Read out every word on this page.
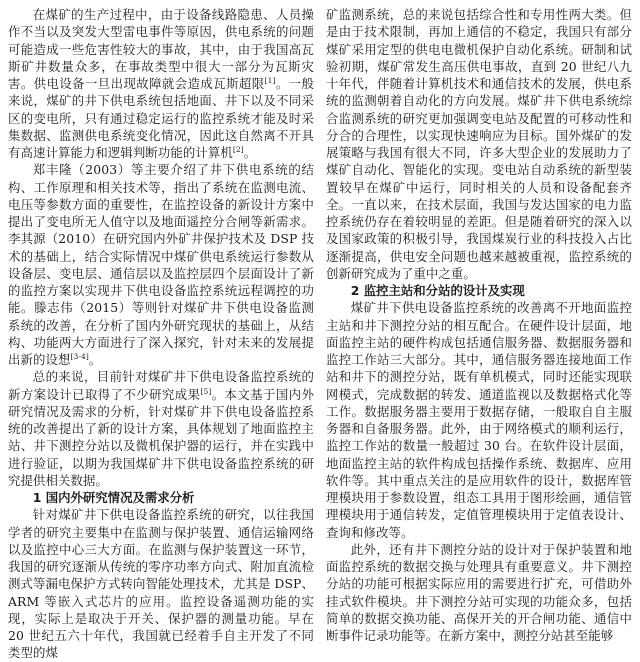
在煤矿的生产过程中，由于设备线路隐患、人员操作不当以及突发大型雷电事件等原因，供电系统的问题可能造成一些危害性较大的事故，其中，由于我国高瓦斯矿井数量众多，在事故类型中很大一部分为瓦斯灾害。供电设备一旦出现故障就会造成瓦斯超限[1]。一般来说，煤矿的井下供电系统包括地面、井下以及不同采区的变电所，只有通过稳定运行的监控系统才能及时采集数据、监测供电系统变化情况，因此这自然离不开具有高速计算能力和逻辑判断功能的计算机[2]。

郑丰隆（2003）等主要介绍了井下供电系统的结构、工作原理和相关技术等，指出了系统在监测电流、电压等参数方面的重要性，在监控设备的新设计方案中提出了变电所无人值守以及地面遥控分合闸等新需求。李其源（2010）在研究国内外矿井保护技术及 DSP 技术的基础上，结合实际情况中煤矿供电系统运行参数从设备层、变电层、通信层以及监控层四个层面设计了新的监控方案以实现井下供电设备监控系统远程调控的功能。滕志伟（2015）等则针对煤矿井下供电设备监测系统的改善，在分析了国内外研究现状的基础上，从结构、功能两大方面进行了深入探究，针对未来的发展提出新的设想[3-4]。

总的来说，目前针对煤矿井下供电设备监控系统的新方案设计已取得了不少研究成果[5]。本文基于国内外研究情况及需求的分析，针对煤矿井下供电设备监控系统的改善提出了新的设计方案，具体规划了地面监控主站、井下测控分站以及微机保护器的运行，并在实践中进行验证，以期为我国煤矿井下供电设备监控系统的研究提供相关数据。

1 国内外研究情况及需求分析

针对煤矿井下供电设备监控系统的研究，以往我国学者的研究主要集中在监测与保护装置、通信运输网络以及监控中心三大方面。在监测与保护装置这一环节，我国的研究逐渐从传统的零序功率方向式、附加直流检测式等漏电保护方式转向智能处理技术，尤其是 DSP、ARM 等嵌入式芯片的应用。监控设备遥测功能的实现，实际上是取决于开关、保护器的测量功能。早在 20 世纪五六十年代，我国就已经着手自主开发了不同类型的煤

矿监测系统，总的来说包括综合性和专用性两大类。但是由于技术限制，再加上通信的不稳定，我国只有部分煤矿采用定型的供电电微机保护自动化系统。研制和试验初期，煤矿常发生高压供电事故，直到 20 世纪八九十年代，伴随着计算机技术和通信技术的发展，供电系统的监测朝着自动化的方向发展。煤矿井下供电系统综合监测系统的研究更加强调变电站及配置的可移动性和分合的合理性，以实现快速响应为目标。国外煤矿的发展策略与我国有很大不同，许多大型企业的发展助力了煤矿自动化、智能化的实现。变电站自动系统的新型装置较早在煤矿中运行，同时相关的人员和设备配套齐全。一直以来，在技术层面，我国与发达国家的电力监控系统仍存在着较明显的差距。但是随着研究的深入以及国家政策的积极引导，我国煤炭行业的科技投入占比逐渐提高，供电安全问题也越来越被重视，监控系统的创新研究成为了重中之重。

2 监控主站和分站的设计及实现

煤矿井下供电设备监控系统的改善离不开地面监控主站和井下测控分站的相互配合。在硬件设计层面，地面监控主站的硬件构成包括通信服务器、数据服务器和监控工作站三大部分。其中，通信服务器连接地面工作站和井下的测控分站，既有单机模式，同时还能实现联网模式，完成数据的转发、通道监视以及数据格式化等工作。数据服务器主要用于数据存储，一般取自自主服务器和自备服务器。此外，由于网络模式的顺利运行，监控工作站的数量一般超过 30 台。在软件设计层面，地面监控主站的软件构成包括操作系统、数据库、应用软件等。其中重点关注的是应用软件的设计，数据库管理模块用于参数设置，组态工具用于图形绘画，通信管理模块用于通信转发，定值管理模块用于定值表设计、查询和修改等。

此外，还有井下测控分站的设计对于保护装置和地面监控系统的数据交换与处理具有重要意义。井下测控分站的功能可根据实际应用的需要进行扩充，可借助外挂式软件模块。井下测控分站可实现的功能众多，包括简单的数据交换功能、高保开关的开合闸功能、通信中断事件记录功能等。在新方案中，测控分站甚至能够
